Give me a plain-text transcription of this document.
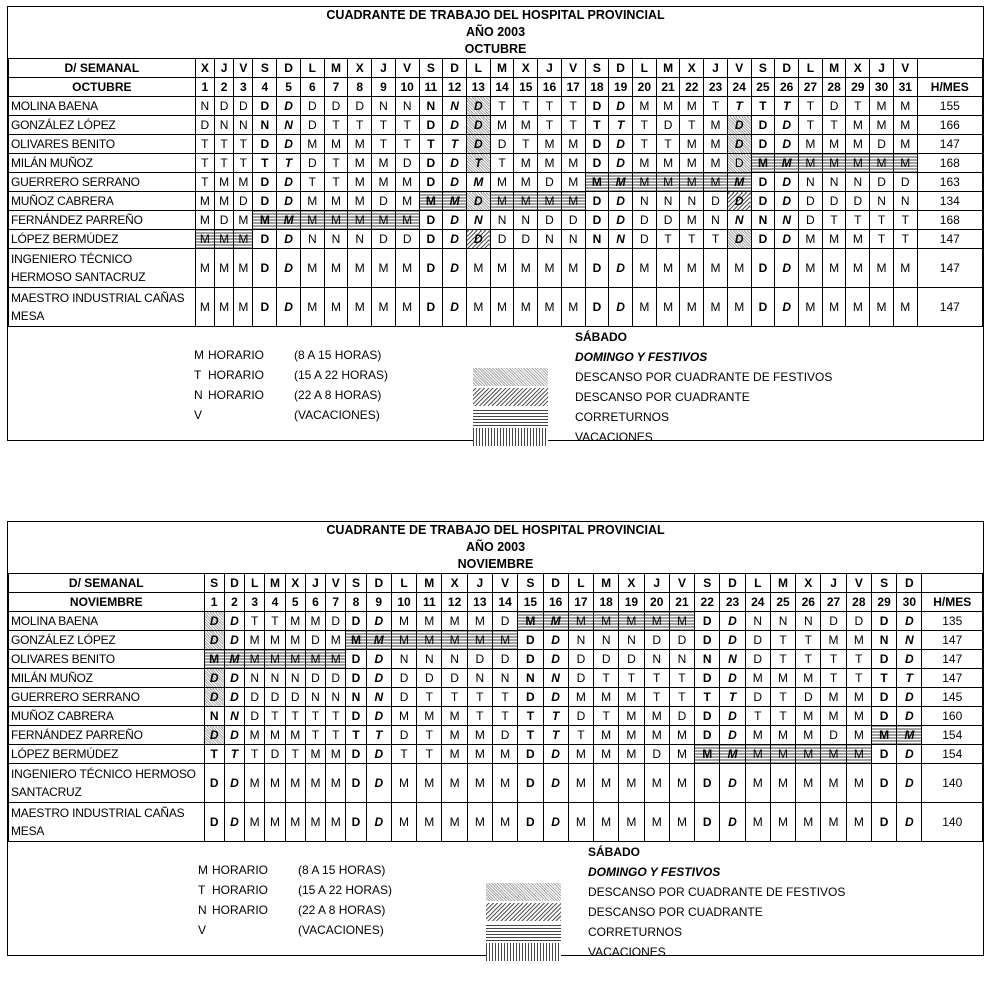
CUADRANTE DE TRABAJO DEL HOSPITAL PROVINCIAL
AÑO 2003
OCTUBRE
D/ SEMANAL	X	J	V	S	D	L	M	X	J	V	S	D	L	M	X	J	V	S	D	L	M	X	J	V	S	D	L	M	X	J	V	
OCTUBRE	1	2	3	4	5	6	7	8	9	10	11	12	13	14	15	16	17	18	19	20	21	22	23	24	25	26	27	28	29	30	31	H/MES
MOLINA BAENA	N	D	D	D	D	D	D	D	N	N	N	N	D	T	T	T	T	D	D	M	M	M	T	T	T	T	T	D	T	M	M	155
GONZÁLEZ LÓPEZ	D	N	N	N	N	D	T	T	T	T	D	D	D	M	M	T	T	T	T	T	D	T	M	D	D	D	T	T	M	M	M	166
OLIVARES BENITO	T	T	T	D	D	M	M	M	T	T	T	T	D	D	T	M	M	D	D	T	T	M	M	D	D	D	M	M	M	D	M	147
MILÁN MUÑOZ	T	T	T	T	T	D	T	M	M	D	D	D	T	T	M	M	M	D	D	M	M	M	M	D	M	M	M	M	M	M	M	168
GUERRERO SERRANO	T	M	M	D	D	T	T	M	M	M	D	D	M	M	M	D	M	M	M	M	M	M	M	M	D	D	N	N	N	D	D	163
MUÑOZ CABRERA	M	M	D	D	D	M	M	M	D	M	M	M	D	M	M	M	M	D	D	N	N	N	D	D	D	D	D	D	D	N	N	134
FERNÁNDEZ PARREÑO	M	D	M	M	M	M	M	M	M	M	D	D	N	N	N	D	D	D	D	D	D	M	N	N	N	N	D	T	T	T	T	168
LÓPEZ BERMÚDEZ	M	M	M	D	D	N	N	N	D	D	D	D	D	D	D	N	N	N	N	D	T	T	T	D	D	D	M	M	M	T	T	147
INGENIERO TÉCNICO HERMOSO SANTACRUZ	M	M	M	D	D	M	M	M	M	M	D	D	M	M	M	M	M	D	D	M	M	M	M	M	D	D	M	M	M	M	M	147
MAESTRO INDUSTRIAL CAÑAS MESA	M	M	M	D	D	M	M	M	M	M	D	D	M	M	M	M	M	D	D	M	M	M	M	M	D	D	M	M	M	M	M	147
M HORARIO (8 A 15 HORAS)
T HORARIO (15 A 22 HORAS)
N HORARIO (22 A 8 HORAS)
V	(VACACIONES)
SÁBADO
DOMINGO Y FESTIVOS
DESCANSO POR CUADRANTE DE FESTIVOS
DESCANSO POR CUADRANTE
CORRETURNOS
VACACIONES
CUADRANTE DE TRABAJO DEL HOSPITAL PROVINCIAL
AÑO 2003
NOVIEMBRE
D/ SEMANAL	S	D	L	M	X	J	V	S	D	L	M	X	J	V	S	D	L	M	X	J	V	S	D	L	M	X	J	V	S	D	
NOVIEMBRE	1	2	3	4	5	6	7	8	9	10	11	12	13	14	15	16	17	18	19	20	21	22	23	24	25	26	27	28	29	30	H/MES
MOLINA BAENA	D	D	T	T	M	M	D	D	D	M	M	M	M	D	M	M	M	M	M	M	M	D	D	N	N	N	D	D	D	D	135
GONZÁLEZ LÓPEZ	D	D	M	M	M	D	M	M	M	M	M	M	M	M	D	D	N	N	N	D	D	D	D	D	T	T	M	M	N	N	147
OLIVARES BENITO	M	M	M	M	M	M	M	D	D	N	N	N	D	D	D	D	D	D	D	N	N	N	N	D	T	T	T	T	D	D	147
MILÁN MUÑOZ	D	D	N	N	N	D	D	D	D	D	D	D	N	N	N	N	D	T	T	T	T	D	D	M	M	M	T	T	T	T	147
GUERRERO SERRANO	D	D	D	D	D	N	N	N	N	D	T	T	T	T	D	D	M	M	M	T	T	T	T	D	T	D	M	M	D	D	145
MUÑOZ CABRERA	N	N	D	T	T	T	T	D	D	M	M	M	T	T	T	T	D	T	M	M	D	D	D	T	T	M	M	M	D	D	160
FERNÁNDEZ PARREÑO	D	D	M	M	M	T	T	T	T	D	T	M	M	D	T	T	T	M	M	M	M	D	D	M	M	M	D	M	M	M	154
LÓPEZ BERMÚDEZ	T	T	T	D	T	M	M	D	D	T	T	M	M	M	D	D	M	M	M	D	M	M	M	M	M	M	M	M	D	D	154
INGENIERO TÉCNICO HERMOSO SANTACRUZ	D	D	M	M	M	M	M	D	D	M	M	M	M	M	D	D	M	M	M	M	M	D	D	M	M	M	M	M	D	D	140
MAESTRO INDUSTRIAL CAÑAS MESA	D	D	M	M	M	M	M	D	D	M	M	M	M	M	D	D	M	M	M	M	M	D	D	M	M	M	M	M	D	D	140
M HORARIO (8 A 15 HORAS)
T HORARIO (15 A 22 HORAS)
N HORARIO (22 A 8 HORAS)
V	(VACACIONES)
SÁBADO
DOMINGO Y FESTIVOS
DESCANSO POR CUADRANTE DE FESTIVOS
DESCANSO POR CUADRANTE
CORRETURNOS
VACACIONES
